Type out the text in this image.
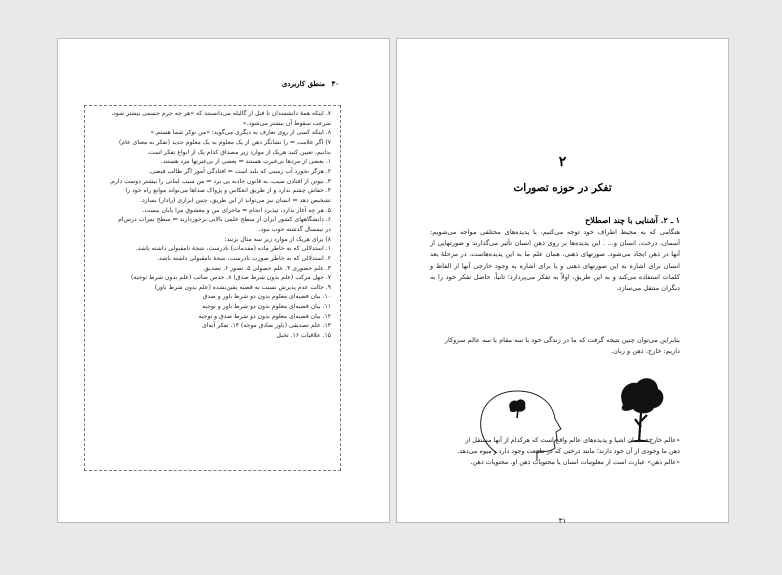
۳۰ منطق کاربردی
۷. اینکه همهٔ دانشمندان تا قبل از گالیله می‌دانستند که «هر چه جرم جسمی بیشتر شود،
سرعت سقوط آن بیشتر می‌شود.»
۸. اینکه کسی از روی تعارف به دیگری می‌گوید: «من نوکر شما هستم.»
۷) اگر علامت ⇐ را نشانگر ذهن از یک معلوم به یک معلوم جدید (تفکر به معنای عام)
بدانیم، تعیین کنید هریک از موارد زیر مصداق کدام یک از انواع تفکر است.
۱. بعضی از مردها بی‌غیرت هستند ⇐ بعضی از بی‌غیرتها مرد هستند.
۲. هرگز نخورد آب زمینی که بلند است ⇐ افتادگی آموز اگر طالب فیضی.
۳. نیوتن از افتادن سیب، به قانون جاذبه پی برد ⇐ من سیب لبنانی را بیشتر دوست دارم.
۴. خفاش چشم ندارد و از طریق انعکاس و پژواک صداها می‌تواند موانع راه خود را
تشخیص دهد ⇐ انسان نیز می‌تواند از این طریق، چنین ابزاری (رادار) بسازد.
۵. هر چه آغاز ندارد، نپذیرد انجام ⇐ ماجرای من و معشوق مرا پایان نیست.
۶. دانشگاههای کشور ایران از سطح علمی بالایی برخوردارند ⇐ سطح نمرات درس‌ام
در نیمسال گذشته خوب نبود.
۸) برای هریک از موارد زیر سه مثال بزنید:
۱. استدلالی که به خاطر ماده (مقدمات) نادرست، نتیجهٔ نامقبولی داشته باشد.
۲. استدلالی که به خاطر صورت نادرست، نتیجهٔ نامقبولی داشته باشد.
۳. علم حضوری ۴. علم حصولی ۵. تصور ۶. تصدیق
۷. جهل مرکب (علم بدون شرط صدق) ۸. حدس صائب (علم بدون شرط توجیه)
۹. حالت عدم پذیرش نسبت به قضیه یقین‌نشده (علم بدون شرط باور)
۱۰. بیان قضیه‌ای معلوم بدون دو شرط باور و صدق
۱۱. بیان قضیه‌ای معلوم بدون دو شرط باور و توجیه
۱۲. بیان قضیه‌ای معلوم بدون دو شرط صدق و توجیه
۱۳. علم تصدیقی (باور صادق موجه) ۱۴. تفکر آیه‌ای
۱۵. علاقیات ۱۶. تخیل
۲
تفکر در حوزه تصورات
۱ ـ ۲. آشنایی با چند اصطلاح
هنگامی که به محیط اطراف خود توجه می‌کنیم، با پدیده‌های مختلفی مواجه می‌شویم: آسمان، درخت، انسان و... . این پدیده‌ها بر روی ذهن انسان تأثیر می‌گذارند و صورتهایی از آنها در ذهن ایجاد می‌شود. صورتهای ذهنی، همان علم ما به این پدیده‌هاست. در مرحلهٔ بعد انسان برای اشاره به این صورتهای ذهنی و یا برای اشاره به وجود خارجی آنها از الفاظ و کلمات استفاده می‌کند و به این طریق، اولاً به تفکر می‌پردازد؛ ثانیاً، حاصل تفکر خود را به دیگران منتقل می‌سازد.
بنابراین می‌توان چنین نتیجه گرفت که ما در زندگی خود با سه مقام یا سه عالم سروکار داریم: خارج، ذهن و زبان.
«عالم خارج»، همان اشیا و پدیده‌های عالم واقع است که هرکدام از آنها مستقل از
ذهن ما وجودی از آن خود دارند؛ مانند درختی که در طبیعت وجود دارد و میوه می‌دهد.
«عالم ذهن» عبارت است از معلومات انسان یا محتویات ذهن او. محتویات ذهن،
۳۱
